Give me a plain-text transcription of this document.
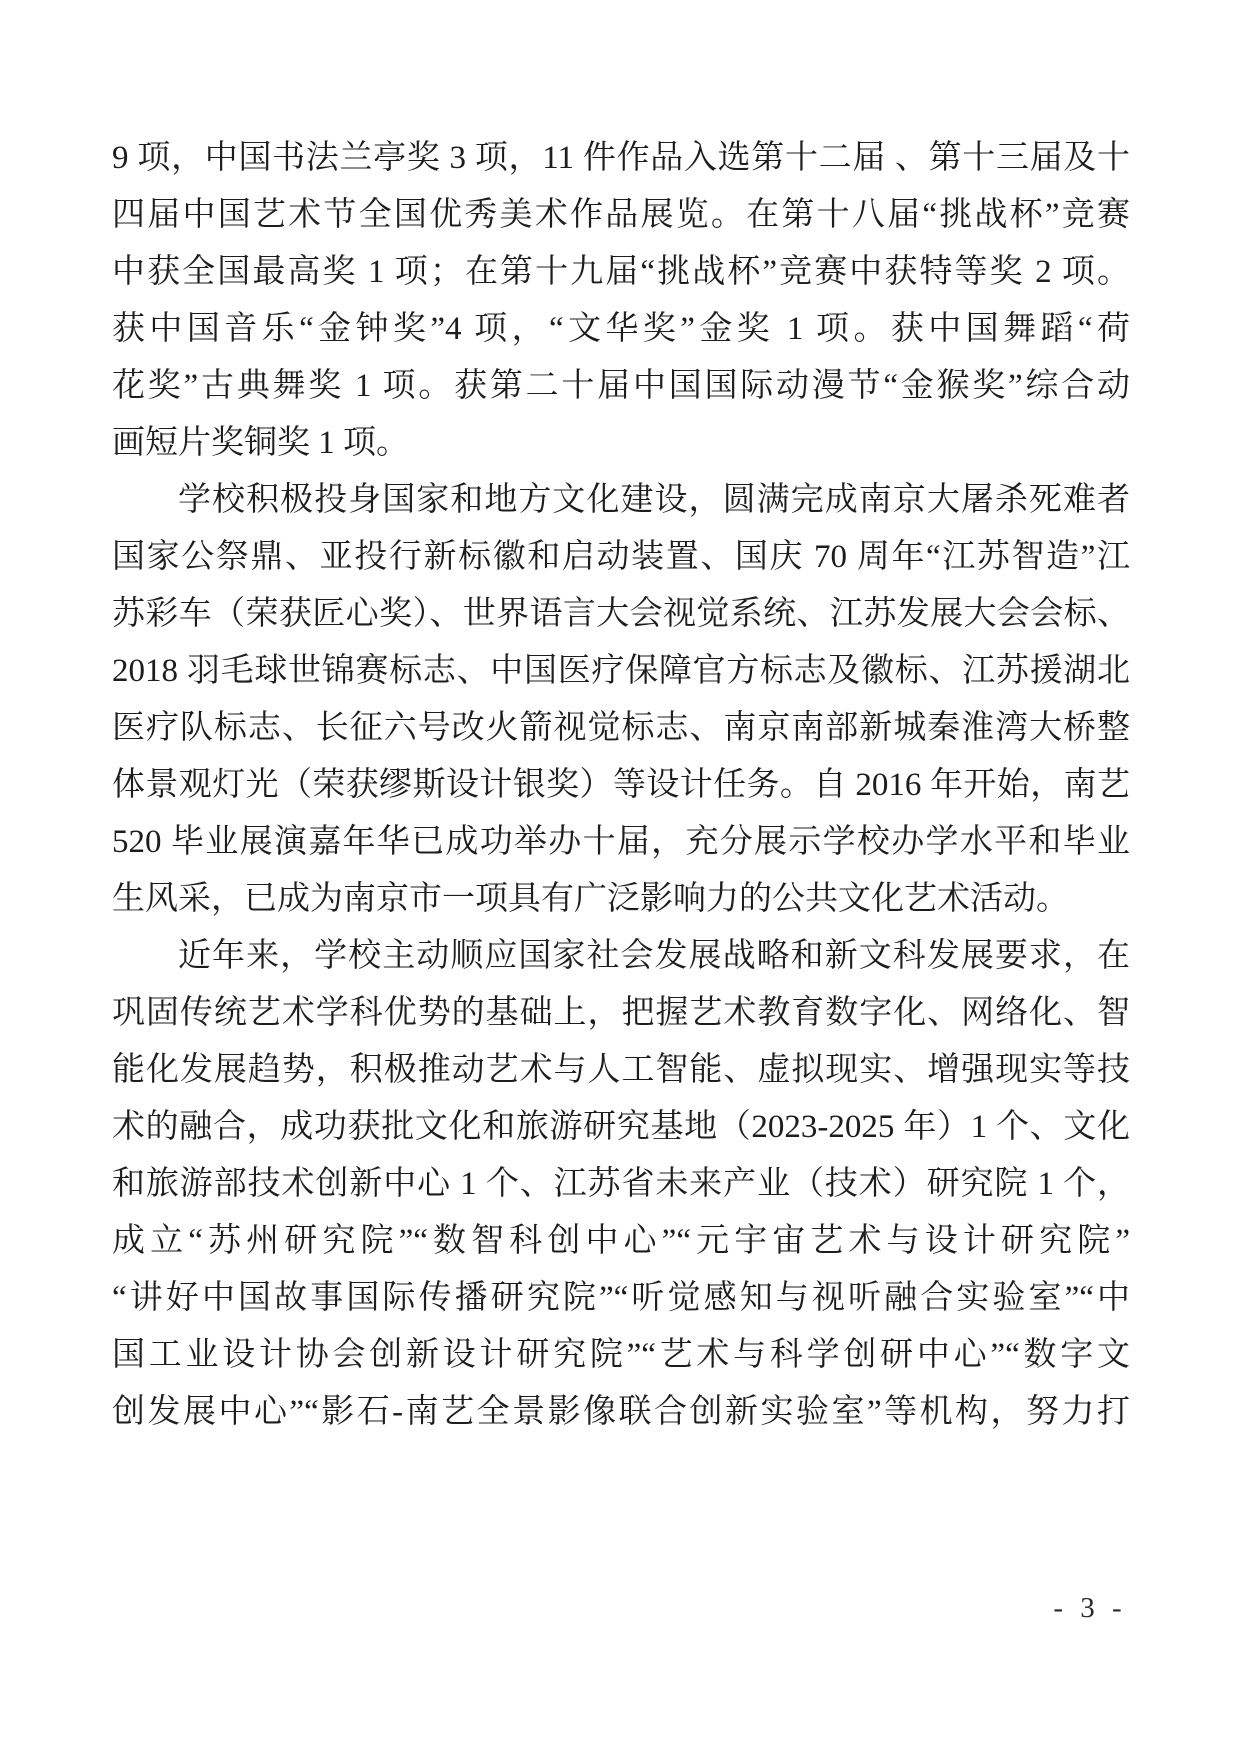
9 项，中国书法兰亭奖 3 项，11 件作品入选第十二届 、第十三届及十
四届中国艺术节全国优秀美术作品展览。在第十八届“挑战杯”竞赛
中获全国最高奖 1 项；在第十九届“挑战杯”竞赛中获特等奖 2 项。
获中国音乐“金钟奖”4 项，“文华奖”金奖 1 项。获中国舞蹈“荷
花奖”古典舞奖 1 项。获第二十届中国国际动漫节“金猴奖”综合动
画短片奖铜奖 1 项。
学校积极投身国家和地方文化建设，圆满完成南京大屠杀死难者
国家公祭鼎、亚投行新标徽和启动装置、国庆 70 周年“江苏智造”江
苏彩车（荣获匠心奖）、世界语言大会视觉系统、江苏发展大会会标、
2018 羽毛球世锦赛标志、中国医疗保障官方标志及徽标、江苏援湖北
医疗队标志、长征六号改火箭视觉标志、南京南部新城秦淮湾大桥整
体景观灯光（荣获缪斯设计银奖）等设计任务。自 2016 年开始，南艺
520 毕业展演嘉年华已成功举办十届，充分展示学校办学水平和毕业
生风采，已成为南京市一项具有广泛影响力的公共文化艺术活动。
近年来，学校主动顺应国家社会发展战略和新文科发展要求，在
巩固传统艺术学科优势的基础上，把握艺术教育数字化、网络化、智
能化发展趋势，积极推动艺术与人工智能、虚拟现实、增强现实等技
术的融合，成功获批文化和旅游研究基地（2023-2025 年）1 个、文化
和旅游部技术创新中心 1 个、江苏省未来产业（技术）研究院 1 个，
成立“苏州研究院”“数智科创中心”“元宇宙艺术与设计研究院”
“讲好中国故事国际传播研究院”“听觉感知与视听融合实验室”“中
国工业设计协会创新设计研究院”“艺术与科学创研中心”“数字文
创发展中心”“影石-南艺全景影像联合创新实验室”等机构，努力打
- 3 -
